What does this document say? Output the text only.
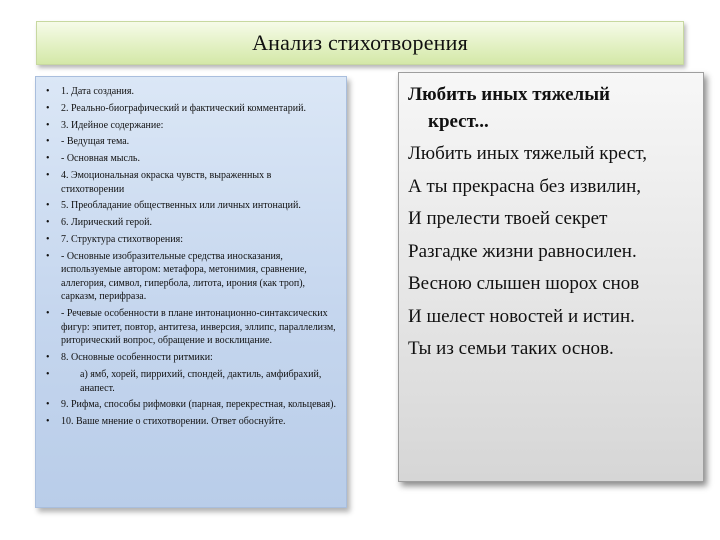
Анализ стихотворения
• 1. Дата создания.
• 2. Реально-биографический и фактический комментарий.
• 3. Идейное содержание:
• - Ведущая тема.
• - Основная мысль.
• 4. Эмоциональная окраска чувств, выраженных в стихотворении
• 5. Преобладание общественных или личных интонаций.
• 6. Лирический герой.
• 7. Структура стихотворения:
• - Основные изобразительные средства иносказания, используемые автором: метафора, метонимия, сравнение, аллегория, символ, гипербола, литота, ирония (как троп), сарказм, перифраза.
• - Речевые особенности в плане интонационно-синтаксических фигур: эпитет, повтор, антитеза, инверсия, эллипс, параллелизм, риторический вопрос, обращение и восклицание.
• 8. Основные особенности ритмики:
•	а) ямб, хорей, пиррихий, спондей, дактиль, амфибрахий, анапест.
• 9. Рифма, способы рифмовки (парная, перекрестная, кольцевая).
• 10. Ваше мнение о стихотворении. Ответ обоснуйте.
Любить иных тяжелый
крест...
Любить иных тяжелый крест,
А ты прекрасна без извилин,
И прелести твоей секрет
Разгадке жизни равносилен.
Весною слышен шорох снов
И шелест новостей и истин.
Ты из семьи таких основ.
